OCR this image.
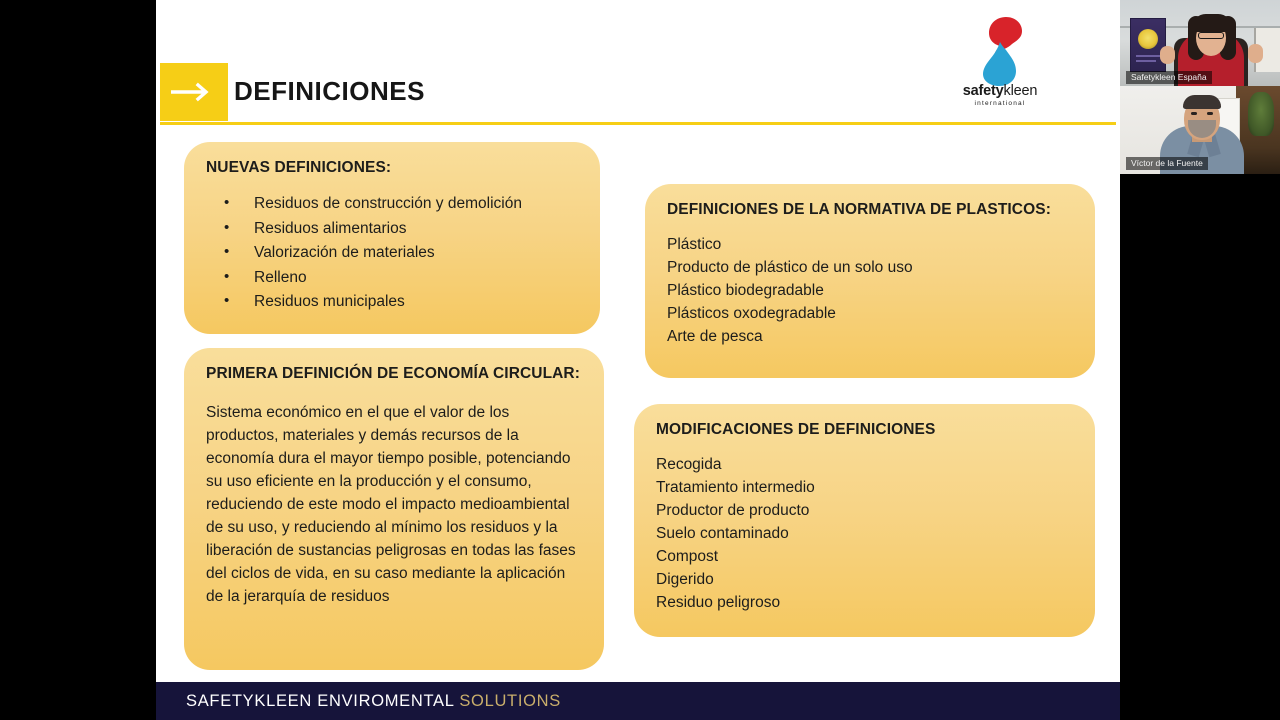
DEFINICIONES	safetykleen
international
NUEVAS DEFINICIONES:
• Residuos de construcción y demolición
• Residuos alimentarios
• Valorización de materiales
• Relleno
• Residuos municipales
PRIMERA DEFINICIÓN DE ECONOMÍA CIRCULAR:

Sistema económico en el que el valor de los productos, materiales y demás recursos de la economía dura el mayor tiempo posible, potenciando su uso eficiente en la producción y el consumo, reduciendo de este modo el impacto medioambiental de su uso, y reduciendo al mínimo los residuos y la liberación de sustancias peligrosas en todas las fases del ciclos de vida, en su caso mediante la aplicación de la jerarquía de residuos

DEFINICIONES DE LA NORMATIVA DE PLASTICOS:
Plástico
Producto de plástico de un solo uso
Plástico biodegradable
Plásticos oxodegradable
Arte de pesca
MODIFICACIONES DE DEFINICIONES
Recogida
Tratamiento intermedio
Productor de producto
Suelo contaminado
Compost
Digerido
Residuo peligroso
SAFETYKLEEN ENVIROMENTAL SOLUTIONS
Safetykleen España
Víctor de la Fuente
